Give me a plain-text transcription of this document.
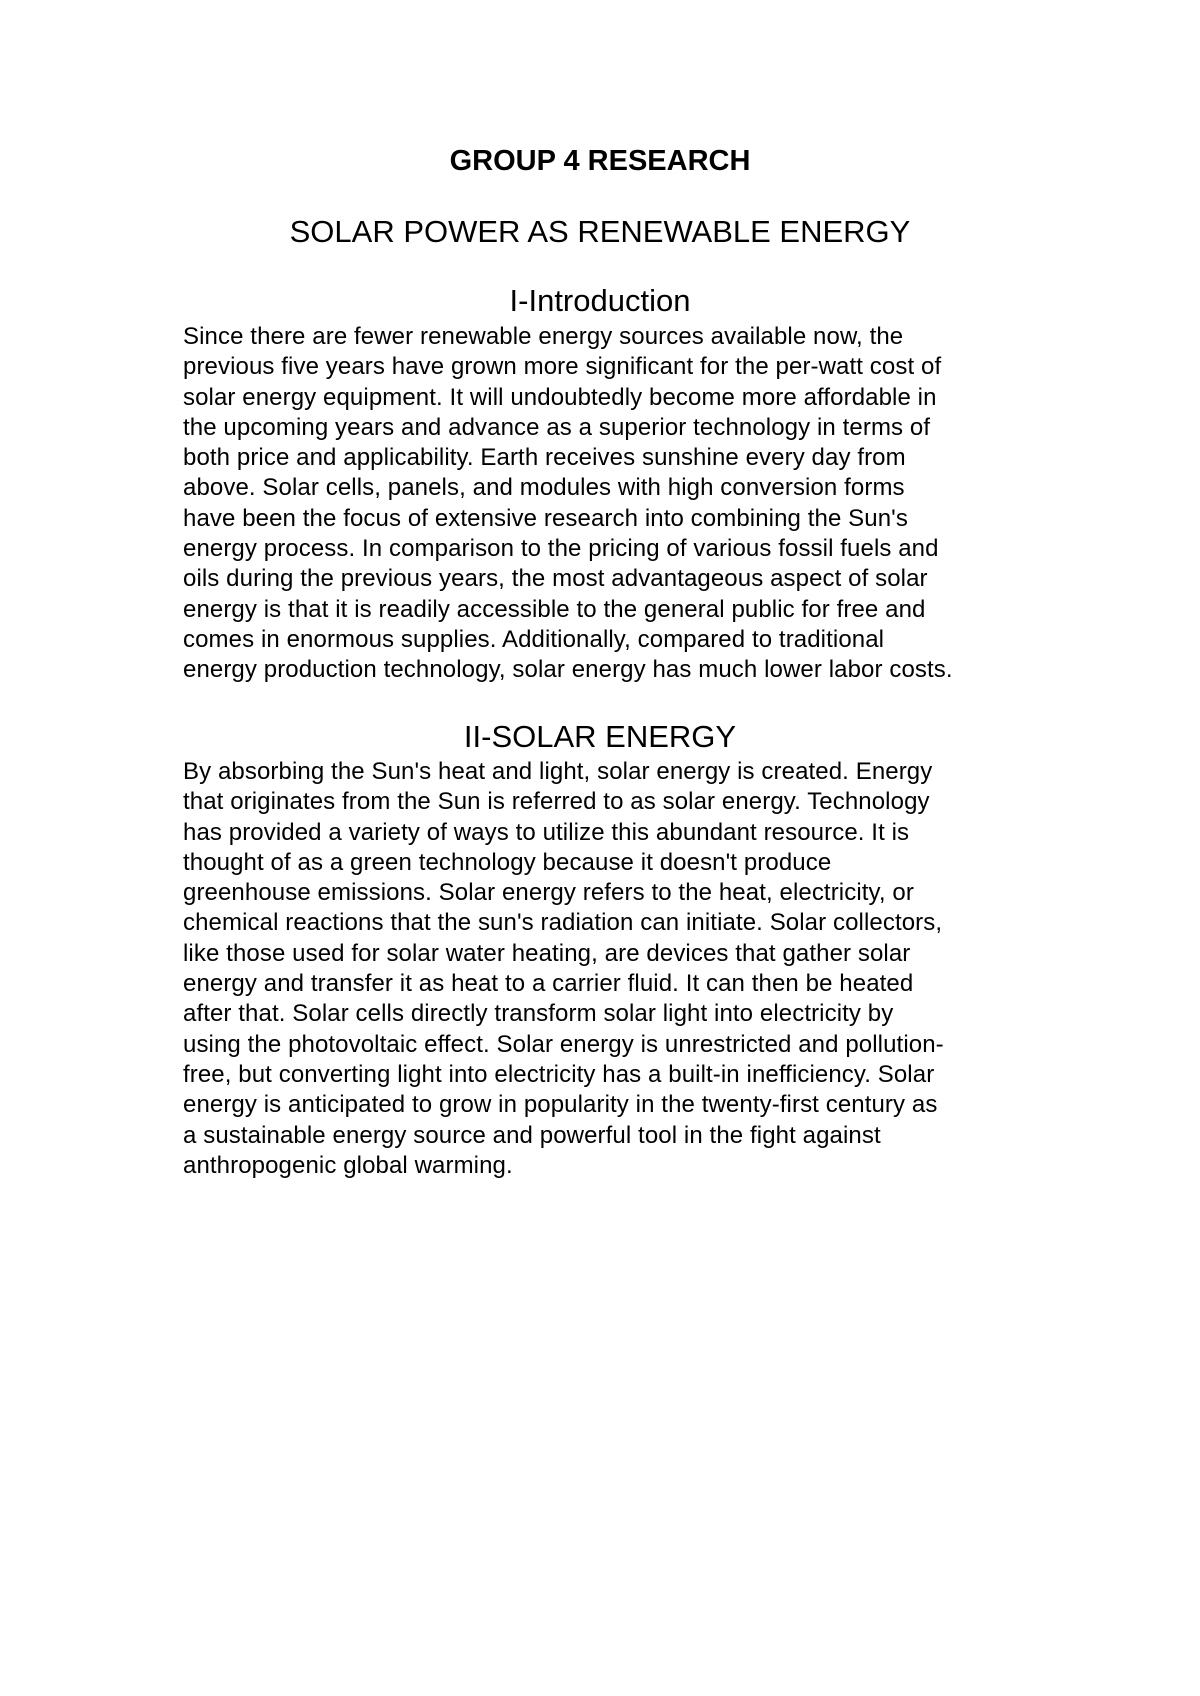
GROUP 4 RESEARCH
SOLAR POWER AS RENEWABLE ENERGY
I-Introduction
Since there are fewer renewable energy sources available now, the
previous five years have grown more significant for the per-watt cost of
solar energy equipment. It will undoubtedly become more affordable in
the upcoming years and advance as a superior technology in terms of
both price and applicability. Earth receives sunshine every day from
above. Solar cells, panels, and modules with high conversion forms
have been the focus of extensive research into combining the Sun's
energy process. In comparison to the pricing of various fossil fuels and
oils during the previous years, the most advantageous aspect of solar
energy is that it is readily accessible to the general public for free and
comes in enormous supplies. Additionally, compared to traditional
energy production technology, solar energy has much lower labor costs.
II-SOLAR ENERGY
By absorbing the Sun's heat and light, solar energy is created. Energy
that originates from the Sun is referred to as solar energy. Technology
has provided a variety of ways to utilize this abundant resource. It is
thought of as a green technology because it doesn't produce
greenhouse emissions. Solar energy refers to the heat, electricity, or
chemical reactions that the sun's radiation can initiate. Solar collectors,
like those used for solar water heating, are devices that gather solar
energy and transfer it as heat to a carrier fluid. It can then be heated
after that. Solar cells directly transform solar light into electricity by
using the photovoltaic effect. Solar energy is unrestricted and pollution-
free, but converting light into electricity has a built-in inefficiency. Solar
energy is anticipated to grow in popularity in the twenty-first century as
a sustainable energy source and powerful tool in the fight against
anthropogenic global warming.
